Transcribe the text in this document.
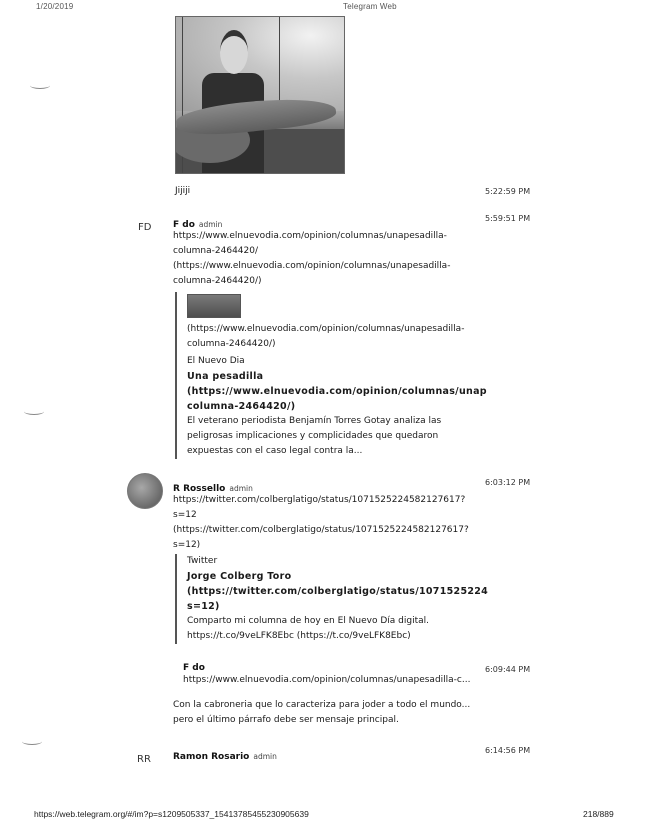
1/20/2019	Telegram Web
Jijiji	5:22:59 PM
FD F do admin
5:59:51 PM
https://www.elnuevodia.com/opinion/columnas/unapesadilla-
columna-2464420/
(https://www.elnuevodia.com/opinion/columnas/unapesadilla-
columna-2464420/)
(https://www.elnuevodia.com/opinion/columnas/unapesadilla-
columna-2464420/)
El Nuevo Dia
Una pesadilla
(https://www.elnuevodia.com/opinion/columnas/unap
columna-2464420/)
El veterano periodista Benjamín Torres Gotay analiza las
peligrosas implicaciones y complicidades que quedaron
expuestas con el caso legal contra la...
R Rossello admin
6:03:12 PM
https://twitter.com/colberglatigo/status/1071525224582127617?
s=12
(https://twitter.com/colberglatigo/status/1071525224582127617?
s=12)
Twitter
Jorge Colberg Toro
(https://twitter.com/colberglatigo/status/1071525224
s=12)
Comparto mi columna de hoy en El Nuevo Día digital.
https://t.co/9veLFK8Ebc (https://t.co/9veLFK8Ebc)
F do
https://www.elnuevodia.com/opinion/columnas/unapesadilla-c...
6:09:44 PM
Con la cabroneria que lo caracteriza para joder a todo el mundo...
pero el último párrafo debe ser mensaje principal.
RR Ramon Rosario admin
6:14:56 PM
https://web.telegram.org/#/im?p=s1209505337_15413785455230905639	218/889
